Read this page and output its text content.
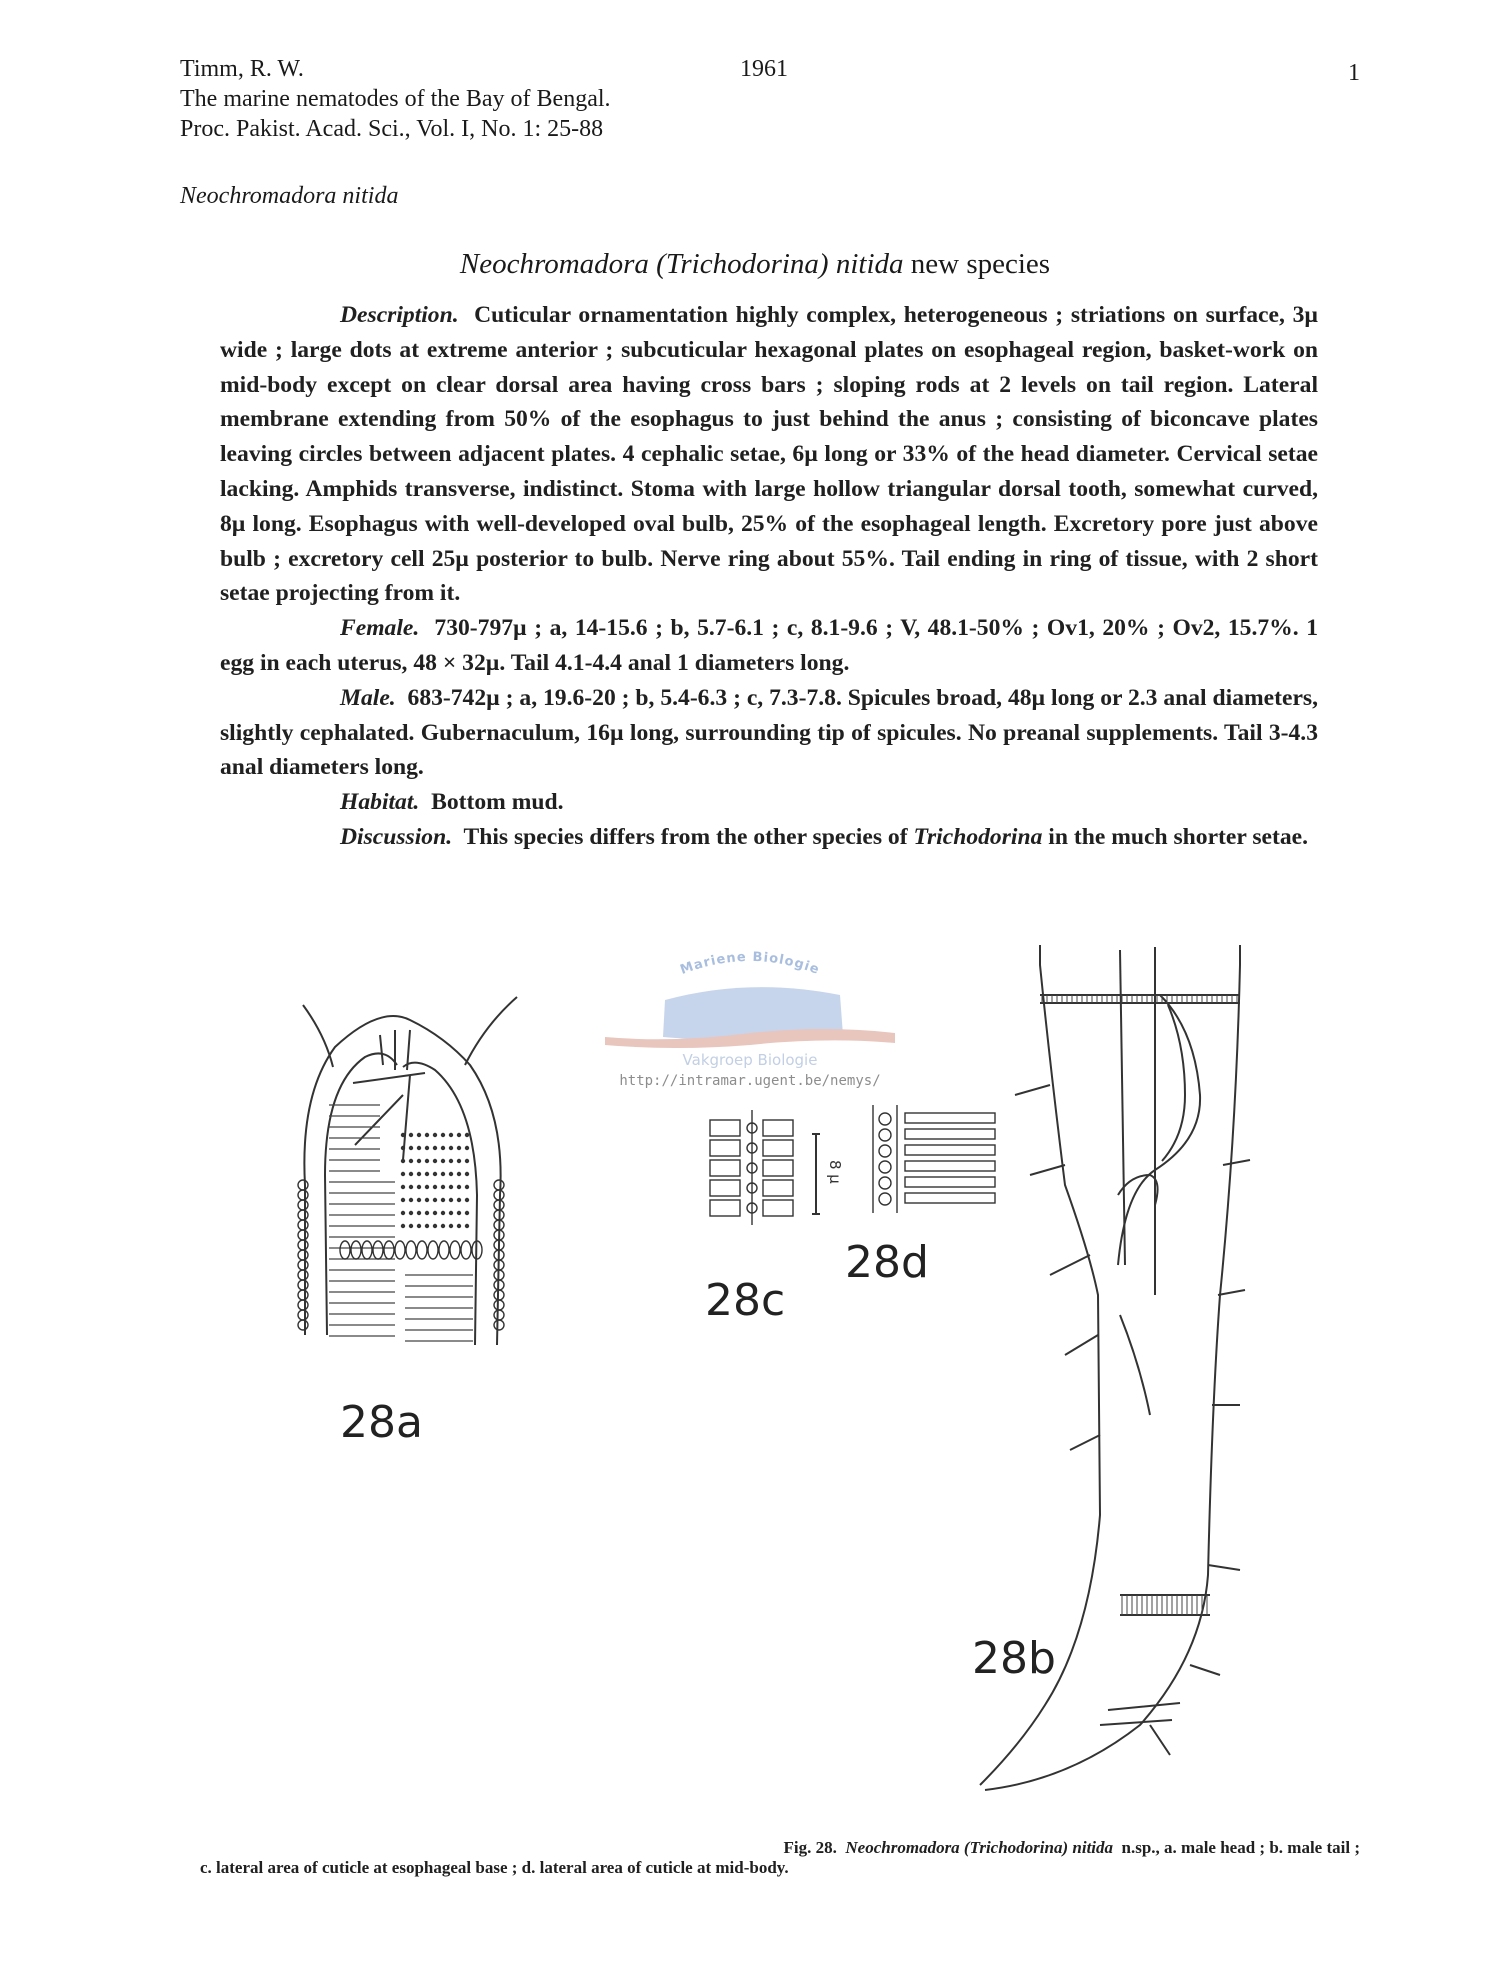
Timm, R. W.
The marine nematodes of the Bay of Bengal.
Proc. Pakist. Acad. Sci., Vol. I, No. 1: 25-88
1961	1
Neochromadora nitida
Neochromadora (Trichodorina) nitida new species

Description. Cuticular ornamentation highly complex, heterogeneous ; striations on surface, 3µ wide ; large dots at extreme anterior ; subcuticular hexagonal plates on esophageal region, basket-work on mid-body except on clear dorsal area having cross bars ; sloping rods at 2 levels on tail region. Lateral membrane extending from 50% of the esophagus to just behind the anus ; consisting of biconcave plates leaving circles between adjacent plates. 4 cephalic setae, 6µ long or 33% of the head diameter. Cervical setae lacking. Amphids transverse, indistinct. Stoma with large hollow triangular dorsal tooth, somewhat curved, 8µ long. Esophagus with well-developed oval bulb, 25% of the esophageal length. Excretory pore just above bulb ; excretory cell 25µ posterior to bulb. Nerve ring about 55%. Tail ending in ring of tissue, with 2 short setae projecting from it.

Female. 730-797µ ; a, 14-15.6 ; b, 5.7-6.1 ; c, 8.1-9.6 ; V, 48.1-50% ; Ov1, 20% ; Ov2, 15.7%. 1 egg in each uterus, 48 × 32µ. Tail 4.1-4.4 anal 1 diameters long.

Male. 683-742µ ; a, 19.6-20 ; b, 5.4-6.3 ; c, 7.3-7.8. Spicules broad, 48µ long or 2.3 anal diameters, slightly cephalated. Gubernaculum, 16µ long, surrounding tip of spicules. No preanal supplements. Tail 3-4.3 anal diameters long.

Habitat. Bottom mud.

Discussion. This species differs from the other species of Trichodorina in the much shorter setae.

Mariene Biologie
Vakgroep Biologie
http://intramar.ugent.be/nemys/
28a
28c
8 µ
28d
28b
Fig. 28. Neochromadora (Trichodorina) nitida n.sp., a. male head ; b. male tail ;
c. lateral area of cuticle at esophageal base ; d. lateral area of cuticle at mid-body.
